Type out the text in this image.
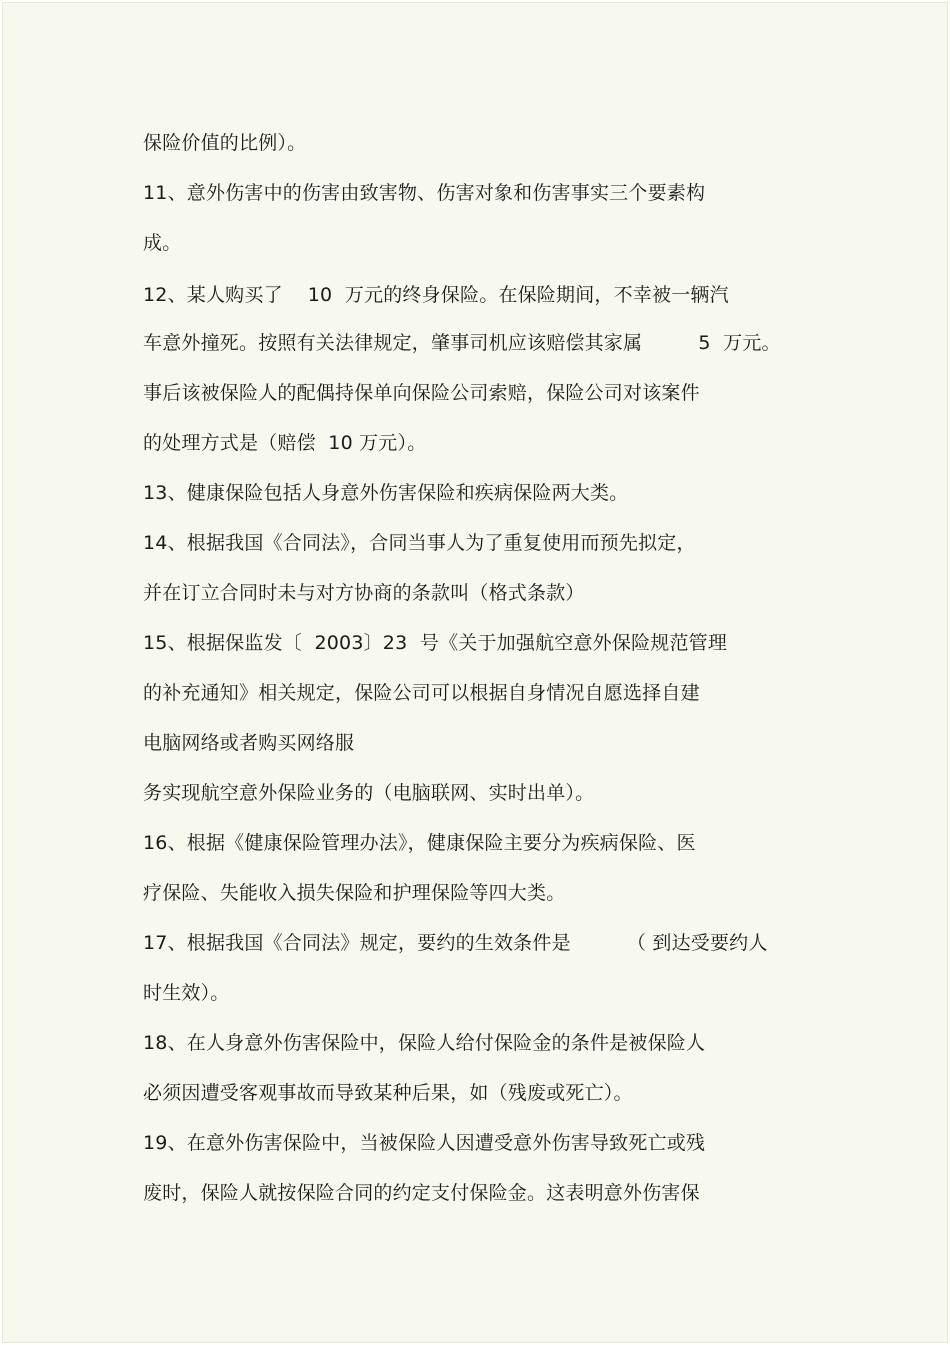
保险价值的比例）。
11、意外伤害中的伤害由致害物、伤害对象和伤害事实三个要素构
成。
12、某人购买了    10  万元的终身保险。在保险期间，不幸被一辆汽
车意外撞死。按照有关法律规定，肇事司机应该赔偿其家属         5  万元。
事后该被保险人的配偶持保单向保险公司索赔，保险公司对该案件
的处理方式是（赔偿  10 万元）。
13、健康保险包括人身意外伤害保险和疾病保险两大类。
14、根据我国《合同法》，合同当事人为了重复使用而预先拟定，
并在订立合同时未与对方协商的条款叫（格式条款）
15、根据保监发〔  2003〕23  号《关于加强航空意外保险规范管理
的补充通知》相关规定，保险公司可以根据自身情况自愿选择自建
电脑网络或者购买网络服
务实现航空意外保险业务的（电脑联网、实时出单）。
16、根据《健康保险管理办法》，健康保险主要分为疾病保险、医
疗保险、失能收入损失保险和护理保险等四大类。
17、根据我国《合同法》规定，要约的生效条件是         （ 到达受要约人
时生效）。
18、在人身意外伤害保险中，保险人给付保险金的条件是被保险人
必须因遭受客观事故而导致某种后果，如（残废或死亡）。
19、在意外伤害保险中，当被保险人因遭受意外伤害导致死亡或残
废时，保险人就按保险合同的约定支付保险金。这表明意外伤害保
